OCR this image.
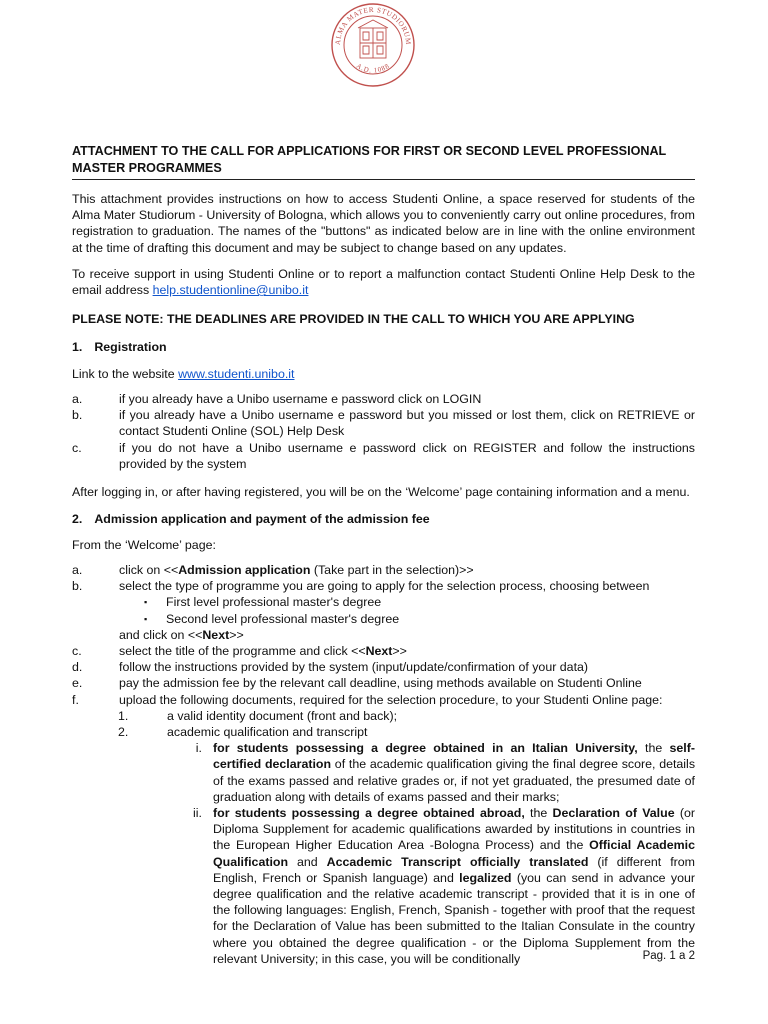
ALMA MATER STUDIORUM
A.D. 1088
ATTACHMENT TO THE CALL FOR APPLICATIONS FOR FIRST OR SECOND LEVEL PROFESSIONAL MASTER PROGRAMMES

This attachment provides instructions on how to access Studenti Online, a space reserved for students of the Alma Mater Studiorum - University of Bologna, which allows you to conveniently carry out online procedures, from registration to graduation. The names of the "buttons" as indicated below are in line with the online environment at the time of drafting this document and may be subject to change based on any updates.

To receive support in using Studenti Online or to report a malfunction contact Studenti Online Help Desk to the email address help.studentionline@unibo.it

PLEASE NOTE: THE DEADLINES ARE PROVIDED IN THE CALL TO WHICH YOU ARE APPLYING
1. Registration
Link to the website www.studenti.unibo.it
a.	if you already have a Unibo username e password click on LOGIN
b.	if you already have a Unibo username e password but you missed or lost them, click on RETRIEVE or contact Studenti Online (SOL) Help Desk
c.	if you do not have a Unibo username e password click on REGISTER and follow the instructions provided by the system
After logging in, or after having registered, you will be on the ‘Welcome’ page containing information and a menu.
2. Admission application and payment of the admission fee
From the ‘Welcome’ page:
a.	click on <<Admission application (Take part in the selection)>>
b.	select the type of programme you are going to apply for the selection process, choosing between
▪ First level professional master's degree
▪ Second level professional master's degree
and click on <<Next>>
c.	select the title of the programme and click <<Next>>
d.	follow the instructions provided by the system (input/update/confirmation of your data)
e.	pay the admission fee by the relevant call deadline, using methods available on Studenti Online
f.	upload the following documents, required for the selection procedure, to your Studenti Online page:
1.	a valid identity document (front and back);
2.	academic qualification and transcript
i. for students possessing a degree obtained in an Italian University, the self-certified declaration of the academic qualification giving the final degree score, details of the exams passed and relative grades or, if not yet graduated, the presumed date of graduation along with details of exams passed and their marks;
ii. for students possessing a degree obtained abroad, the Declaration of Value (or Diploma Supplement for academic qualifications awarded by institutions in countries in the European Higher Education Area -Bologna Process) and the Official Academic Qualification and Accademic Transcript officially translated (if different from English, French or Spanish language) and legalized (you can send in advance your degree qualification and the relative academic transcript - provided that it is in one of the following languages: English, French, Spanish - together with proof that the request for the Declaration of Value has been submitted to the Italian Consulate in the country where you obtained the degree qualification - or the Diploma Supplement from the relevant University; in this case, you will be conditionally	Pag. 1 a 2
